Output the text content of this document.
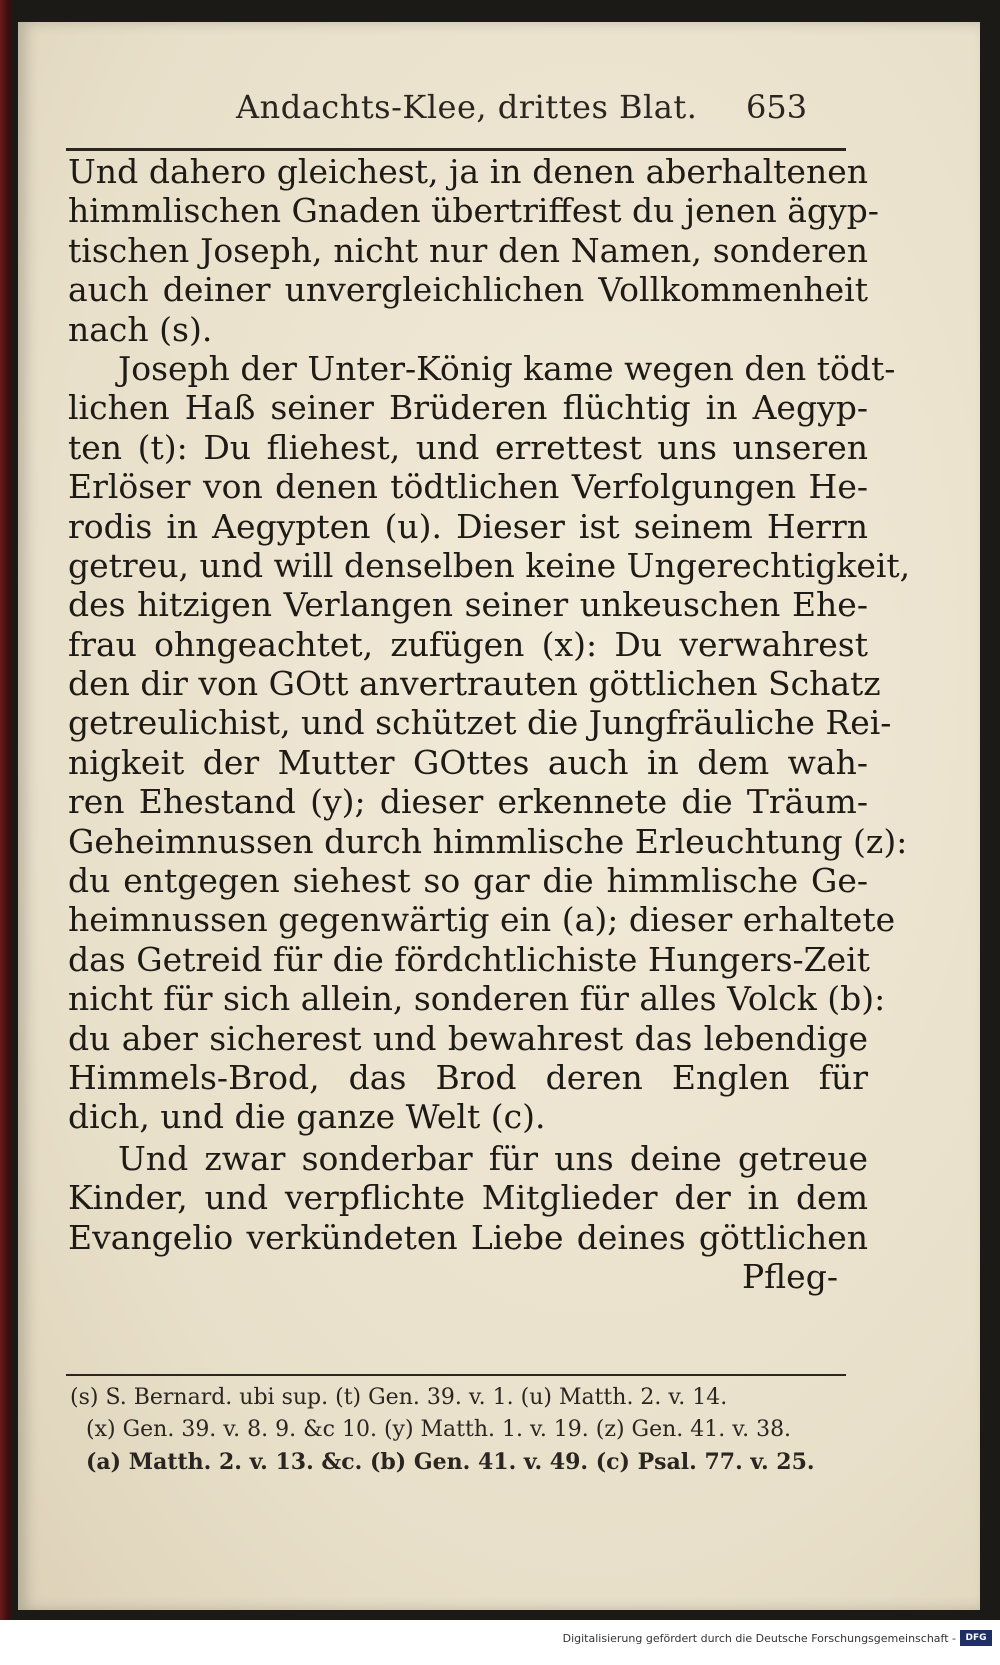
Andachts-Klee, drittes Blat. 653
Und dahero gleichest, ja in denen aberhaltenen
himmlischen Gnaden übertriffest du jenen ägyp-
tischen Joseph, nicht nur den Namen, sonderen
auch deiner unvergleichlichen Vollkommenheit
nach (s).
Joseph der Unter-König kame wegen den tödt-
lichen Haß seiner Brüderen flüchtig in Aegyp-
ten (t): Du fliehest, und errettest uns unseren
Erlöser von denen tödtlichen Verfolgungen He-
rodis in Aegypten (u). Dieser ist seinem Herrn
getreu, und will denselben keine Ungerechtigkeit,
des hitzigen Verlangen seiner unkeuschen Ehe-
frau ohngeachtet, zufügen (x): Du verwahrest
den dir von GOtt anvertrauten göttlichen Schatz
getreulichist, und schützet die Jungfräuliche Rei-
nigkeit der Mutter GOttes auch in dem wah-
ren Ehestand (y); dieser erkennete die Träum-
Geheimnussen durch himmlische Erleuchtung (z):
du entgegen siehest so gar die himmlische Ge-
heimnussen gegenwärtig ein (a); dieser erhaltete
das Getreid für die fördchtlichiste Hungers-Zeit
nicht für sich allein, sonderen für alles Volck (b):
du aber sicherest und bewahrest das lebendige
Himmels-Brod, das Brod deren Englen für
dich, und die ganze Welt (c).
Und zwar sonderbar für uns deine getreue
Kinder, und verpflichte Mitglieder der in dem
Evangelio verkündeten Liebe deines göttlichen
Pfleg-
(s) S. Bernard. ubi sup. (t) Gen. 39. v. 1. (u) Matth. 2. v. 14.
(x) Gen. 39. v. 8. 9. &c 10. (y) Matth. 1. v. 19. (z) Gen. 41. v. 38.
(a) Matth. 2. v. 13. &c. (b) Gen. 41. v. 49. (c) Psal. 77. v. 25.
Digitalisierung gefördert durch die Deutsche Forschungsgemeinschaft -	DFG
